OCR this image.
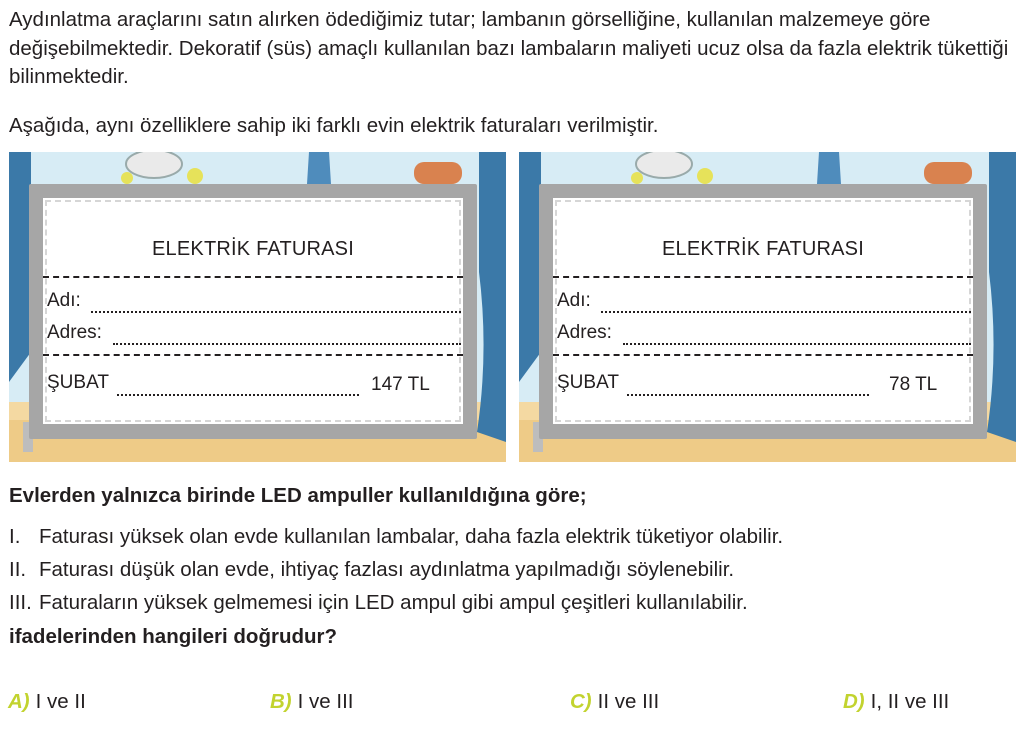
Aydınlatma araçlarını satın alırken ödediğimiz tutar; lambanın görselliğine, kullanılan malzemeye göre değişebilmektedir. Dekoratif (süs) amaçlı kullanılan bazı lambaların maliyeti ucuz olsa da fazla elektrik tükettiği bilinmektedir.

Aşağıda, aynı özelliklere sahip iki farklı evin elektrik faturaları verilmiştir.
ELEKTRİK FATURASI
Adı:
Adres:
ŞUBAT	147 TL
ELEKTRİK FATURASI
Adı:
Adres:
ŞUBAT	78 TL
Evlerden yalnızca birinde LED ampuller kullanıldığına göre;
I. Faturası yüksek olan evde kullanılan lambalar, daha fazla elektrik tüketiyor olabilir.
II. Faturası düşük olan evde, ihtiyaç fazlası aydınlatma yapılmadığı söylenebilir.
III. Faturaların yüksek gelmemesi için LED ampul gibi ampul çeşitleri kullanılabilir.
ifadelerinden hangileri doğrudur?
A) I ve II	B) I ve III	C) II ve III	D) I, II ve III
